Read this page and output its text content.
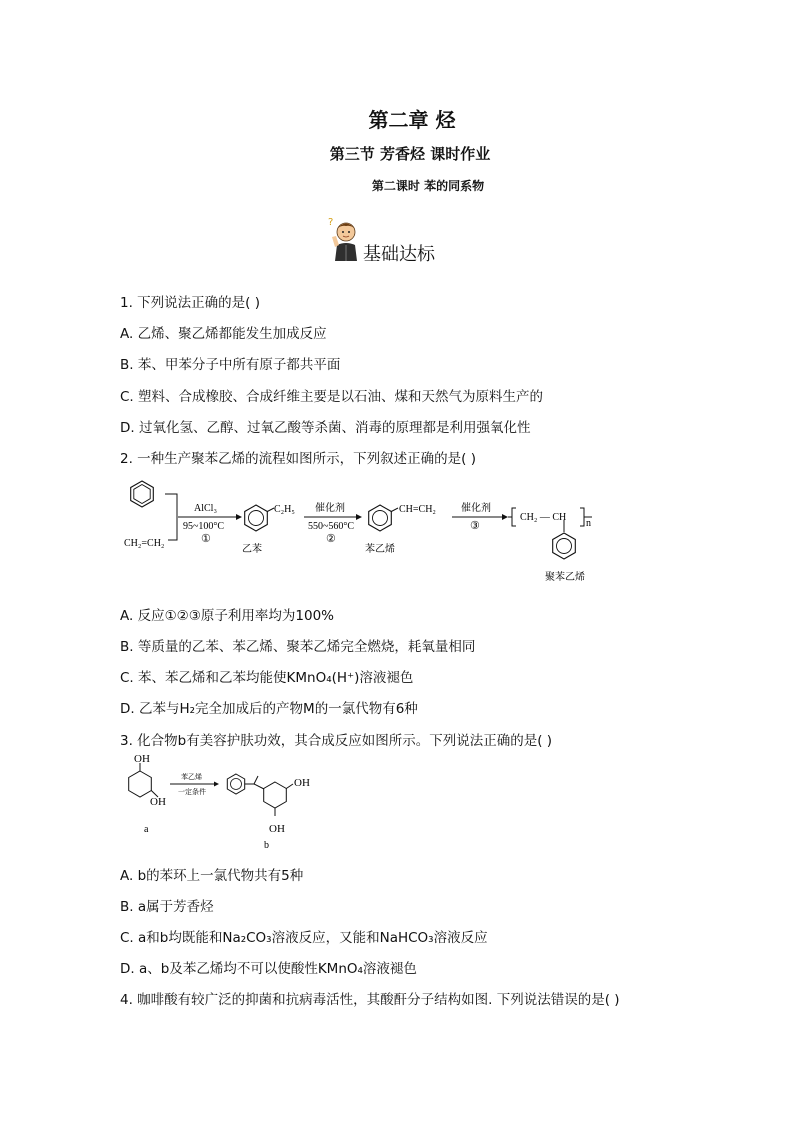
第二章 烃
第三节 芳香烃 课时作业
第二课时 苯的同系物
?
基础达标
1. 下列说法正确的是( )
A. 乙烯、聚乙烯都能发生加成反应
B. 苯、甲苯分子中所有原子都共平面
C. 塑料、合成橡胶、合成纤维主要是以石油、煤和天然气为原料生产的
D. 过氧化氢、乙醇、过氧乙酸等杀菌、消毒的原理都是利用强氧化性
2. 一种生产聚苯乙烯的流程如图所示，下列叙述正确的是( )
CH₂=CH₂
AlCl₃
95~100°C
①
C₂H₅
乙苯
催化剂
550~560°C
②
CH=CH₂
苯乙烯
催化剂
③
CH₂ — CH
n
聚苯乙烯
A. 反应①②③原子利用率均为100%
B. 等质量的乙苯、苯乙烯、聚苯乙烯完全燃烧，耗氧量相同
C. 苯、苯乙烯和乙苯均能使KMnO₄(H⁺)溶液褪色
D. 乙苯与H₂完全加成后的产物M的一氯代物有6种
3. 化合物b有美容护肤功效，其合成反应如图所示。下列说法正确的是( )
OH
OH
a
苯乙烯
一定条件
OH
OH
b
A. b的苯环上一氯代物共有5种
B. a属于芳香烃
C. a和b均既能和Na₂CO₃溶液反应，又能和NaHCO₃溶液反应
D. a、b及苯乙烯均不可以使酸性KMnO₄溶液褪色
4. 咖啡酸有较广泛的抑菌和抗病毒活性，其酸酐分子结构如图. 下列说法错误的是( )
